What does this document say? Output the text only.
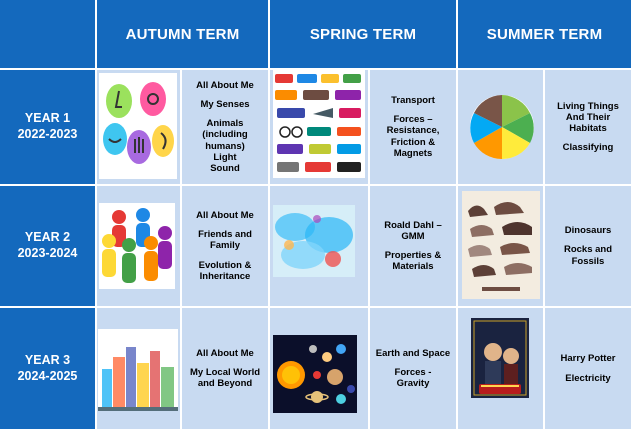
AUTUMN TERM	SPRING TERM	SUMMER TERM
YEAR 1
2022-2023
All About Me
My Senses
Animals
(including
humans)
Light
Sound
Transport
Forces –
Resistance,
Friction &
Magnets
Living Things
And Their
Habitats
Classifying
YEAR 2
2023-2024
All About Me
Friends and
Family
Evolution &
Inheritance
Roald Dahl –
GMM
Properties &
Materials
Dinosaurs
Rocks and
Fossils
YEAR 3
2024-2025
All About Me
My Local World
and Beyond
Earth and Space
Forces -
Gravity
Harry Potter
Electricity
